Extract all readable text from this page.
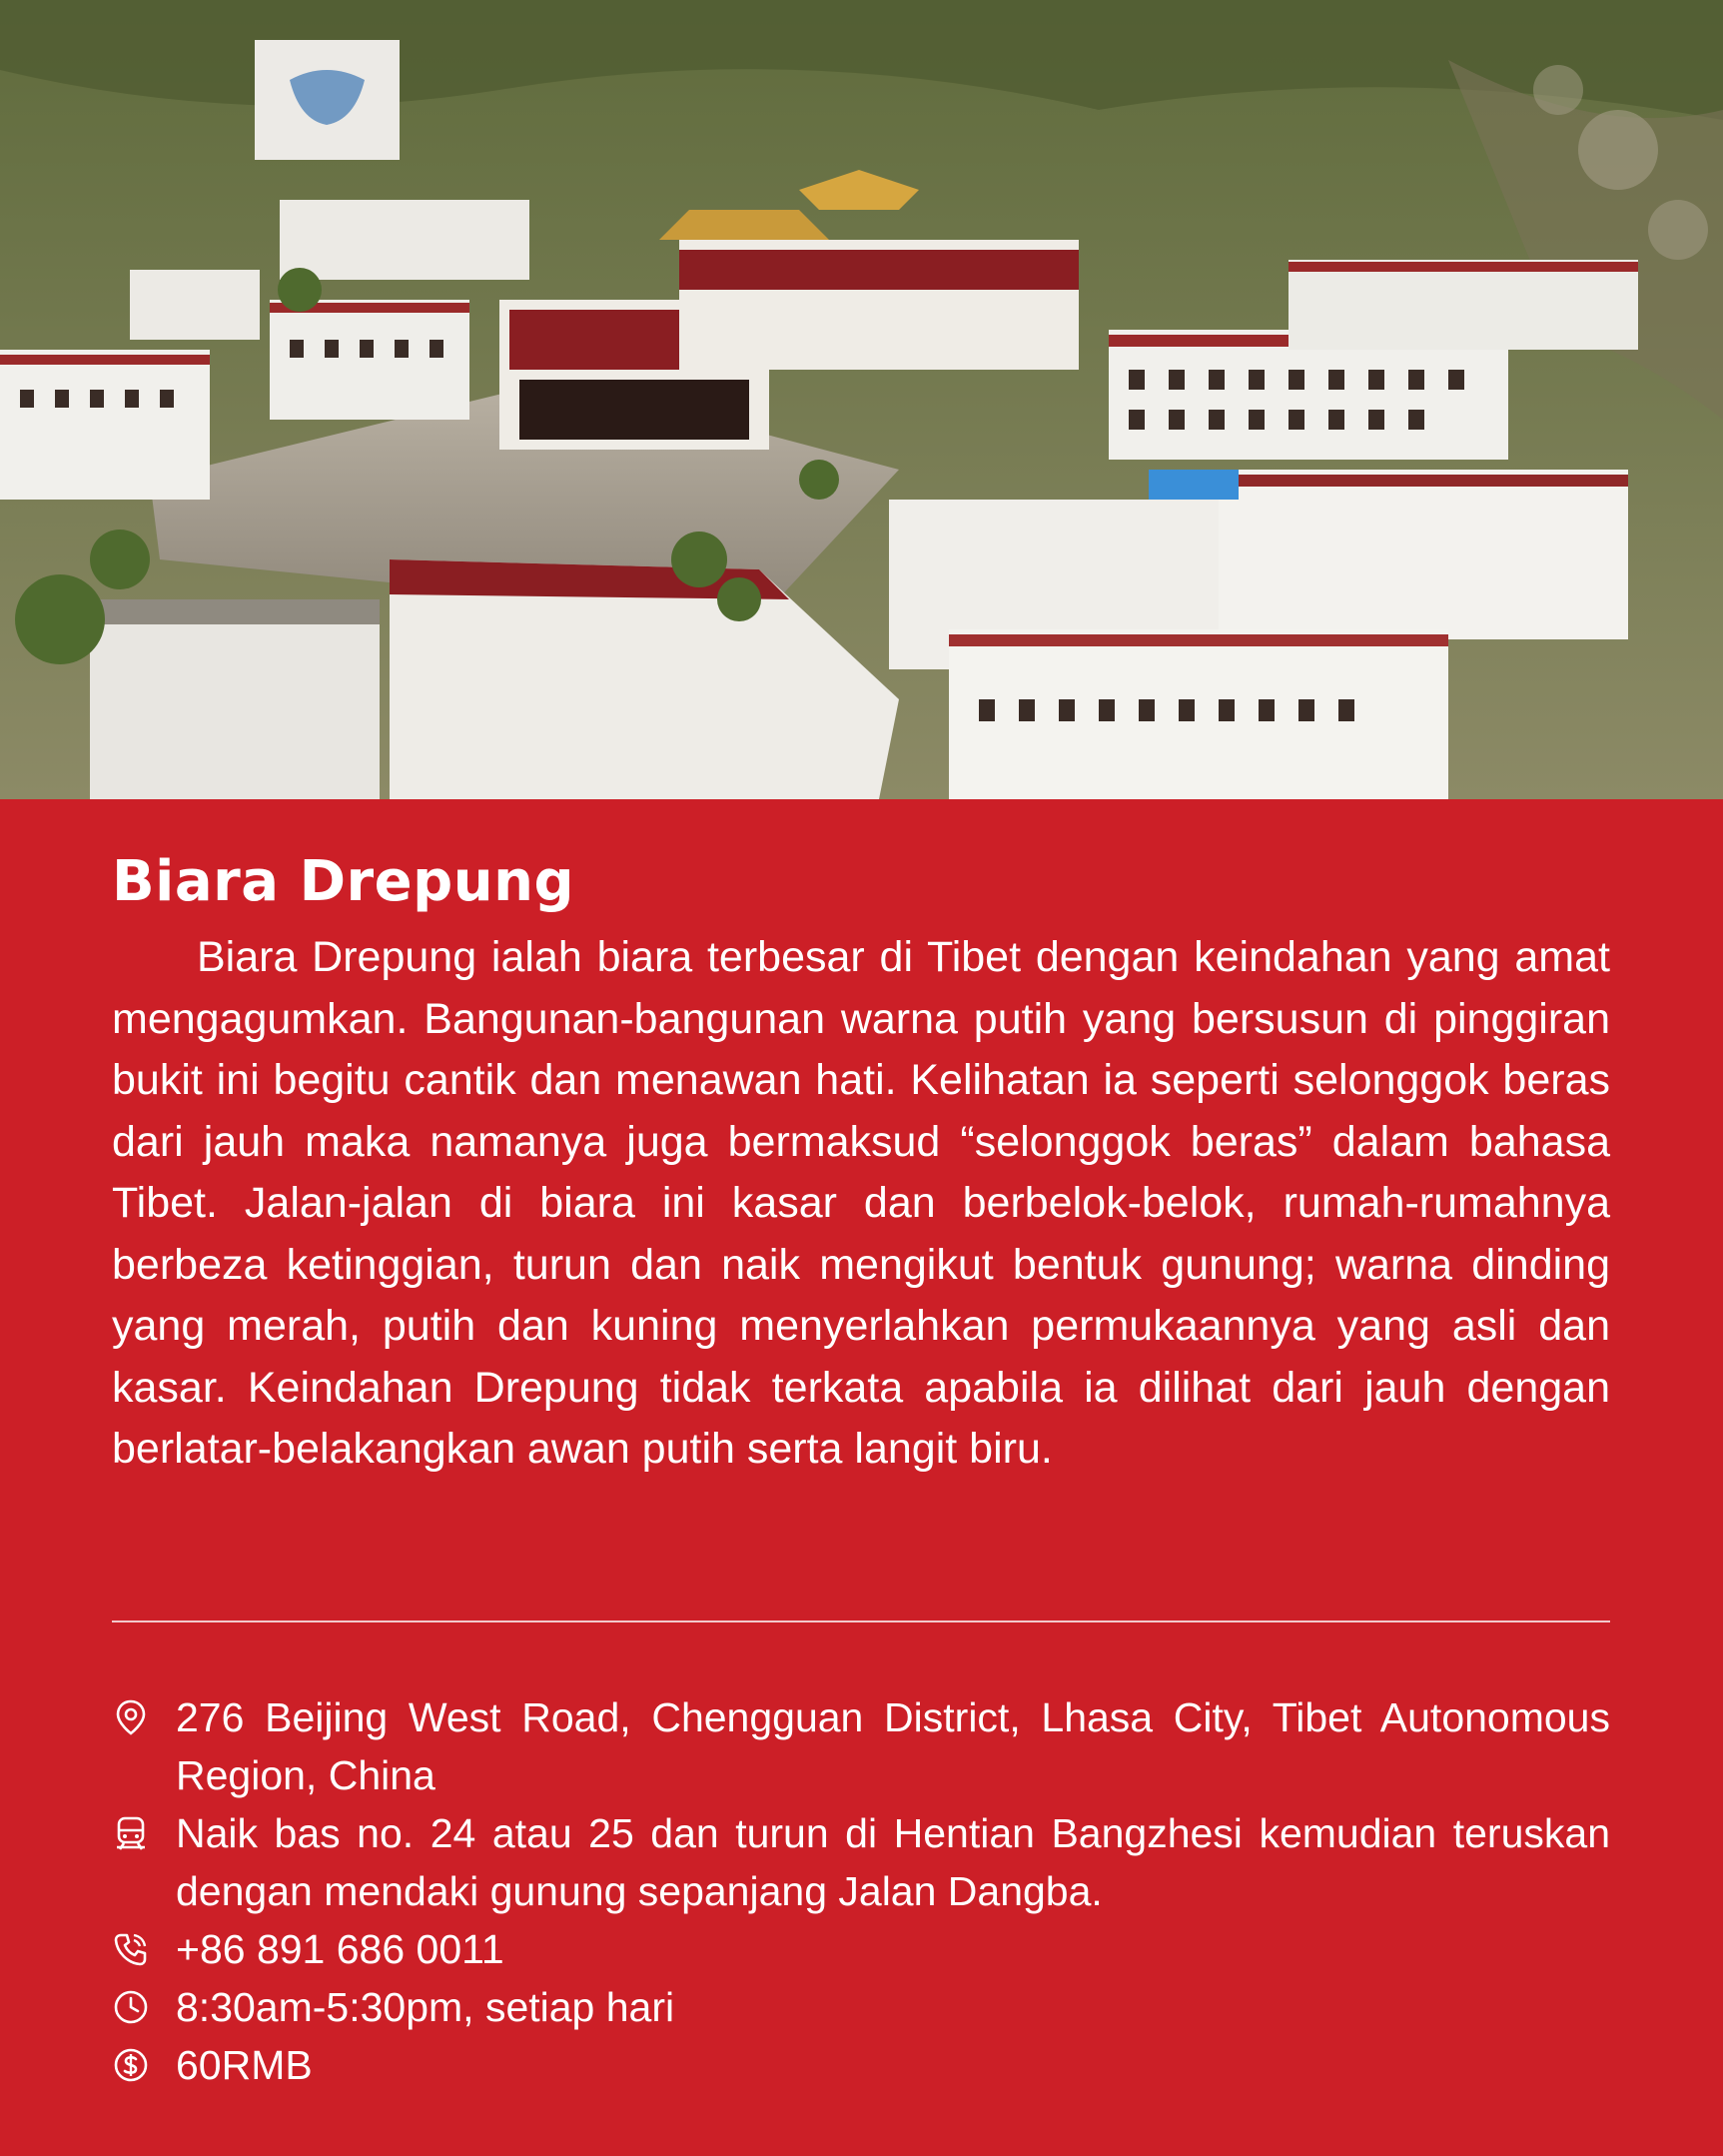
Biara Drepung

Biara Drepung ialah biara terbesar di Tibet dengan keindahan yang amat mengagumkan. Bangunan-bangunan warna putih yang bersusun di pinggiran bukit ini begitu cantik dan menawan hati. Kelihatan ia seperti selonggok beras dari jauh maka namanya juga bermaksud “selonggok beras” dalam bahasa Tibet. Jalan-jalan di biara ini kasar dan berbelok-belok, rumah-rumahnya berbeza ketinggian, turun dan naik mengikut bentuk gunung; warna dinding yang merah, putih dan kuning menyerlahkan permukaannya yang asli dan kasar. Keindahan Drepung tidak terkata apabila ia dilihat dari jauh dengan berlatar-belakangkan awan putih serta langit biru.

276 Beijing West Road, Chengguan District, Lhasa City, Tibet Autonomous Region, China
Naik bas no. 24 atau 25 dan turun di Hentian Bangzhesi kemudian teruskan dengan mendaki gunung sepanjang Jalan Dangba.
+86 891 686 0011
8:30am-5:30pm, setiap hari
60RMB
